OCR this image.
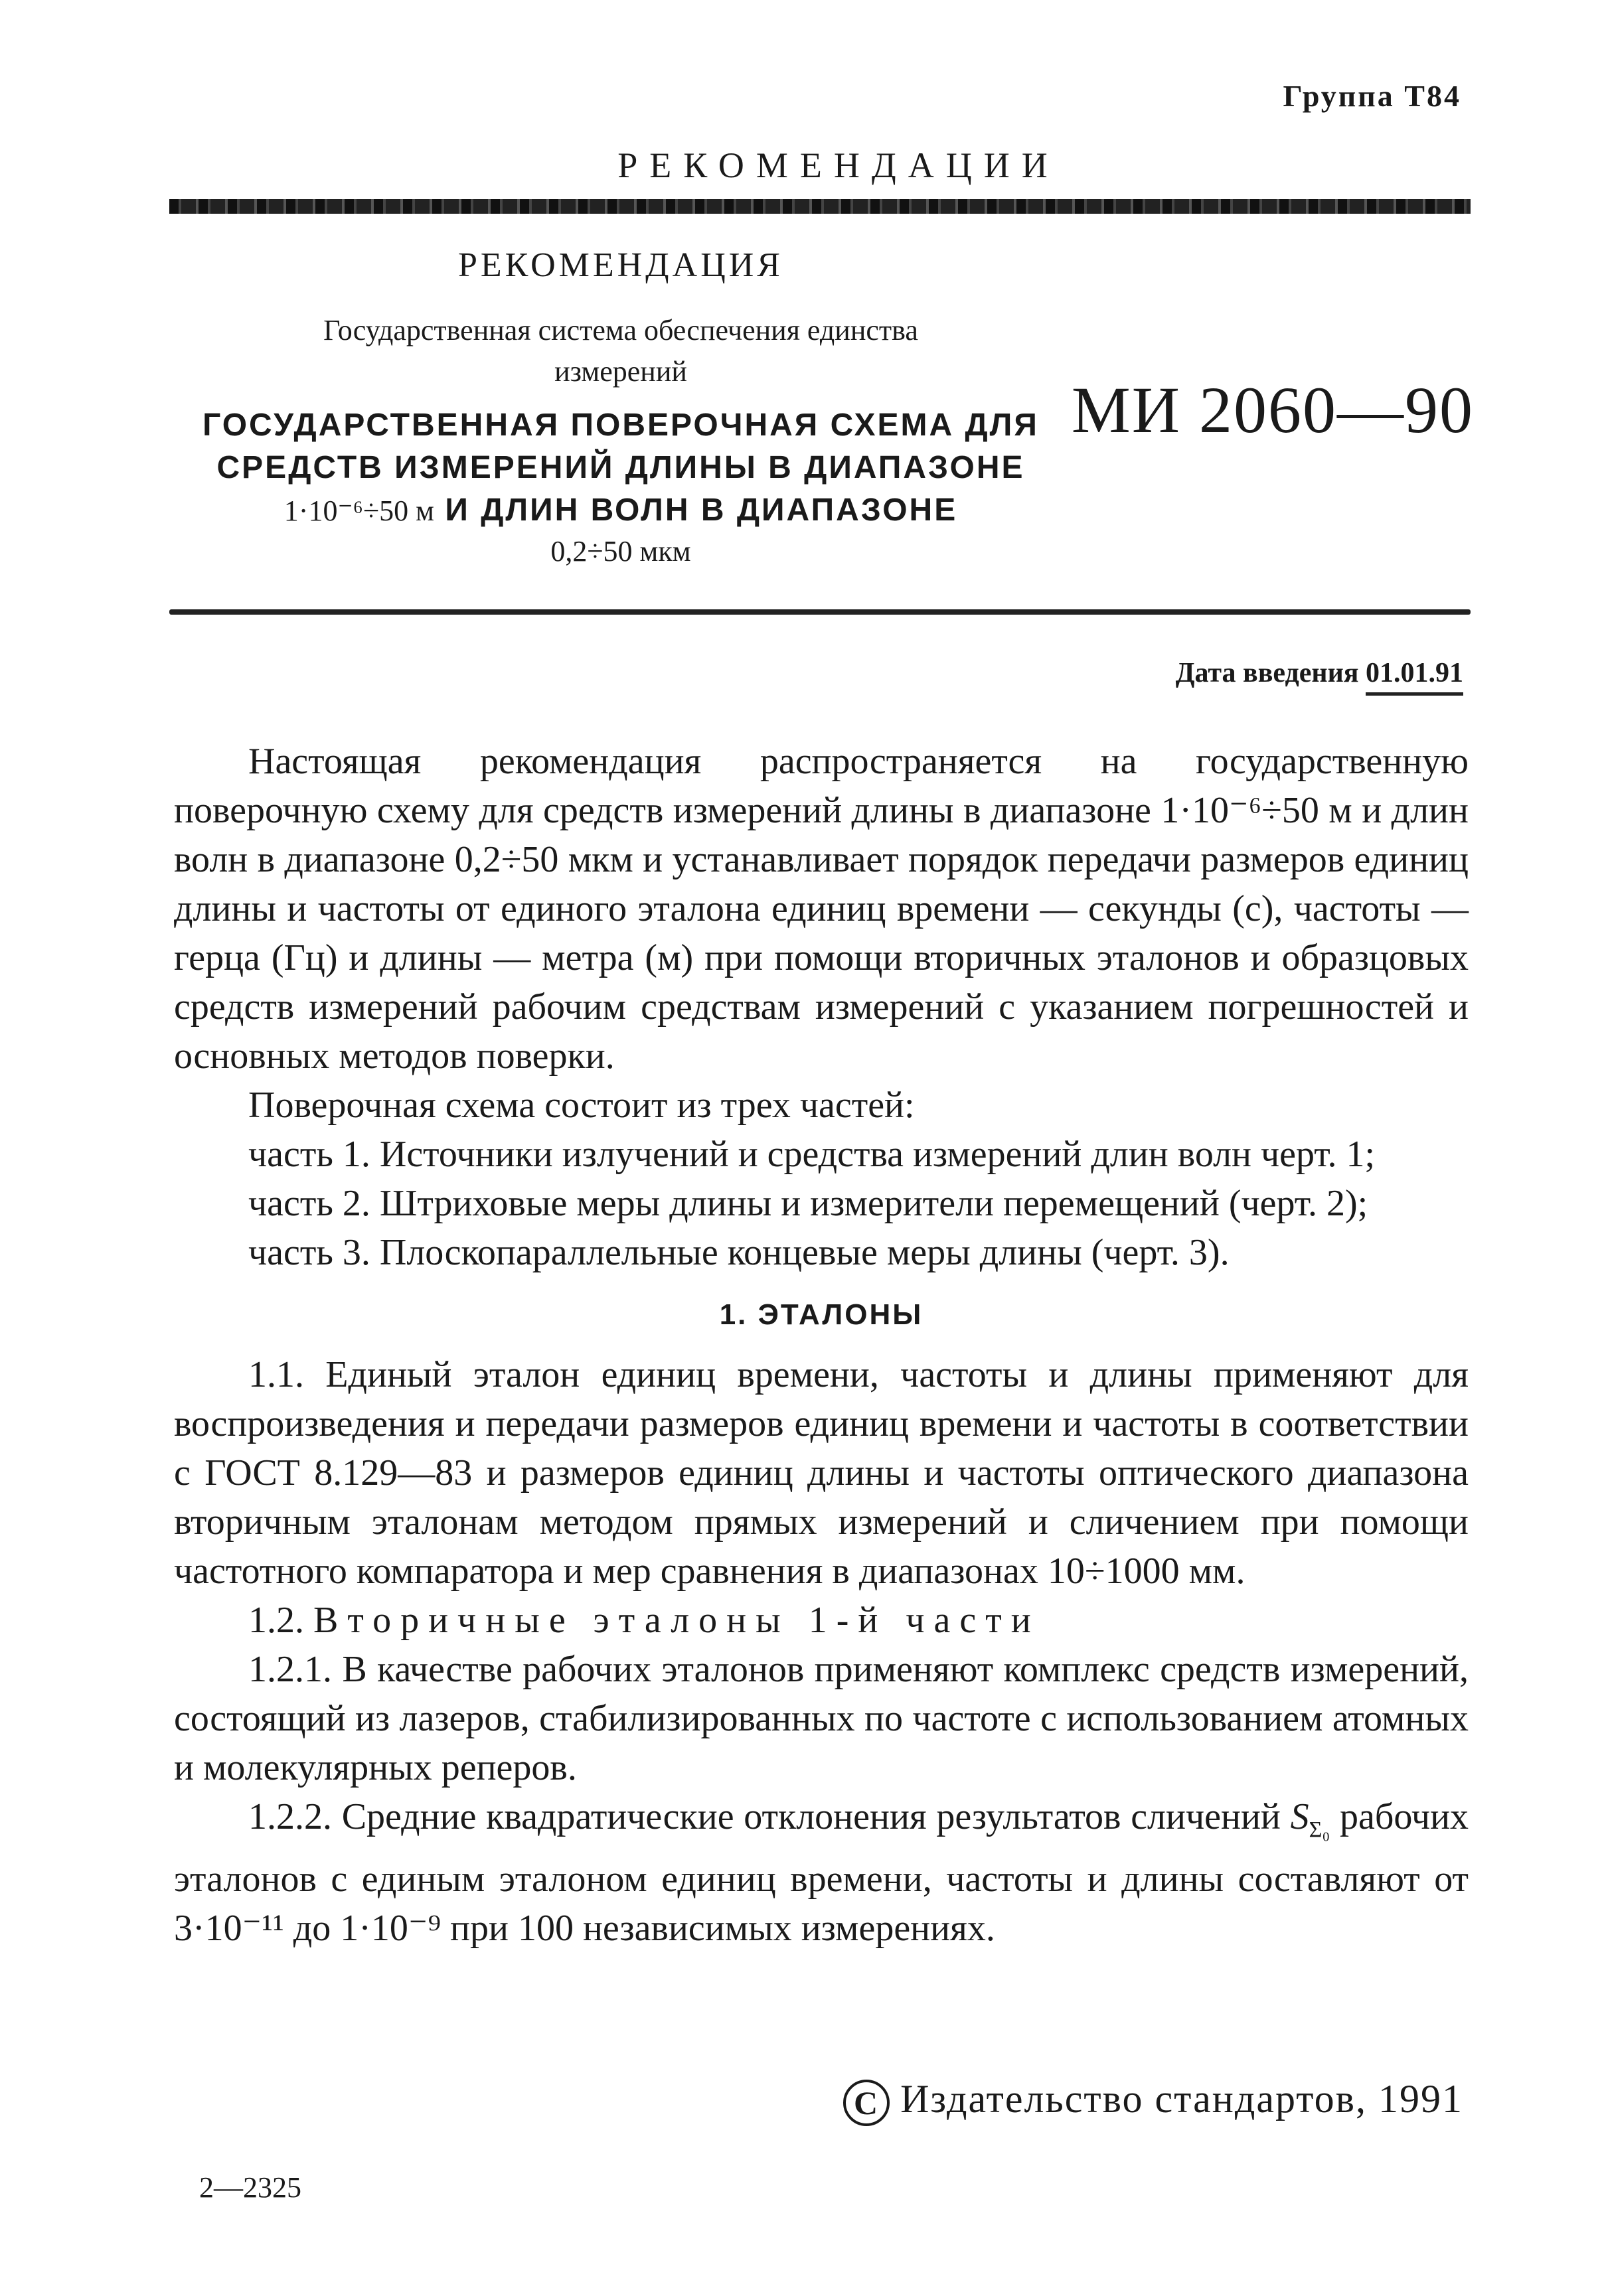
Группа Т84
РЕКОМЕНДАЦИИ
РЕКОМЕНДАЦИЯ
Государственная система обеспечения единства
измерений
ГОСУДАРСТВЕННАЯ ПОВЕРОЧНАЯ СХЕМА ДЛЯ
СРЕДСТВ ИЗМЕРЕНИЙ ДЛИНЫ В ДИАПАЗОНЕ
1·10⁻⁶÷50 м И ДЛИН ВОЛН В ДИАПАЗОНЕ
0,2÷50 мкм
МИ 2060—90
Дата введения 01.01.91

Настоящая рекомендация распространяется на государственную поверочную схему для средств измерений длины в диапазоне 1·10⁻⁶÷50 м и длин волн в диапазоне 0,2÷50 мкм и устанавливает порядок передачи размеров единиц длины и частоты от единого эталона единиц времени — секунды (с), частоты — герца (Гц) и длины — метра (м) при помощи вторичных эталонов и образцовых средств измерений рабочим средствам измерений с указанием погрешностей и основных методов поверки.

Поверочная схема состоит из трех частей:

часть 1. Источники излучений и средства измерений длин волн черт. 1;

часть 2. Штриховые меры длины и измерители перемещений (черт. 2);

часть 3. Плоскопараллельные концевые меры длины (черт. 3).

1. ЭТАЛОНЫ

1.1. Единый эталон единиц времени, частоты и длины применяют для воспроизведения и передачи размеров единиц времени и частоты в соответствии с ГОСТ 8.129—83 и размеров единиц длины и частоты оптического диапазона вторичным эталонам методом прямых измерений и сличением при помощи частотного компаратора и мер сравнения в диапазонах 10÷1000 мм.

1.2. Вторичные эталоны 1-й части

1.2.1. В качестве рабочих эталонов применяют комплекс средств измерений, состоящий из лазеров, стабилизированных по частоте с использованием атомных и молекулярных реперов.

1.2.2. Средние квадратические отклонения результатов сличений $S_{\Sigma_0}$ рабочих эталонов с единым эталоном единиц времени, частоты и длины составляют от 3·10⁻¹¹ до 1·10⁻⁹ при 100 независимых измерениях.

C Издательство стандартов, 1991
2—2325
